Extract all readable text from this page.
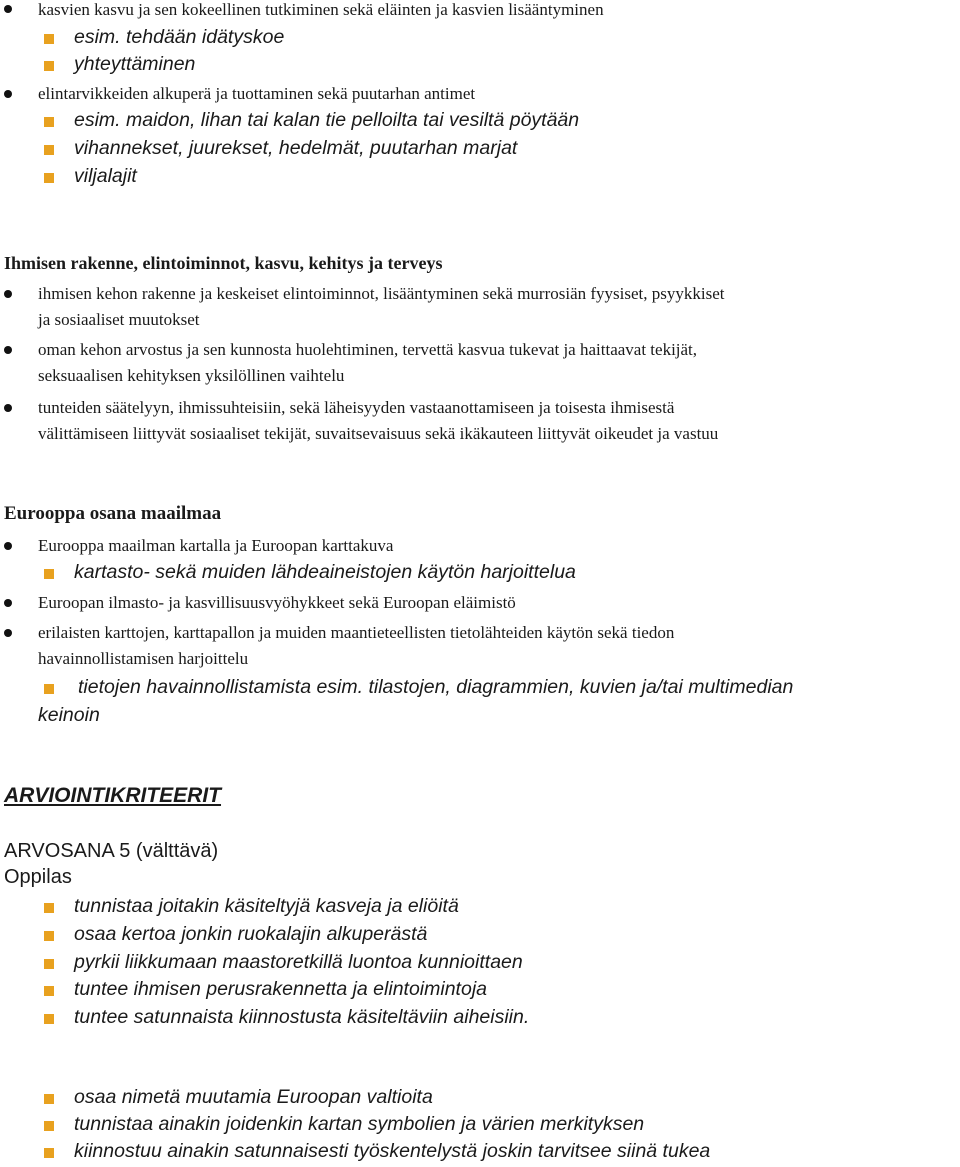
kasvien kasvu ja sen kokeellinen tutkiminen sekä eläinten ja kasvien lisääntyminen
esim. tehdään idätyskoe
yhteyttäminen
elintarvikkeiden alkuperä ja tuottaminen sekä puutarhan antimet
esim. maidon, lihan tai kalan tie pelloilta tai vesiltä pöytään
vihannekset, juurekset, hedelmät, puutarhan marjat
viljalajit
Ihmisen rakenne, elintoiminnot, kasvu, kehitys ja terveys
ihmisen kehon rakenne ja keskeiset elintoiminnot, lisääntyminen sekä murrosiän fyysiset, psyykkiset
ja sosiaaliset muutokset
oman kehon arvostus ja sen kunnosta huolehtiminen, tervettä kasvua tukevat ja haittaavat tekijät,
seksuaalisen kehityksen yksilöllinen vaihtelu
tunteiden säätelyyn, ihmissuhteisiin, sekä läheisyyden vastaanottamiseen ja toisesta ihmisestä
välittämiseen liittyvät sosiaaliset tekijät, suvaitsevaisuus sekä ikäkauteen liittyvät oikeudet ja vastuu
Eurooppa osana maailmaa
Eurooppa maailman kartalla ja Euroopan karttakuva
kartasto- sekä muiden lähdeaineistojen käytön harjoittelua
Euroopan ilmasto- ja kasvillisuusvyöhykkeet sekä Euroopan eläimistö
erilaisten karttojen, karttapallon ja muiden maantieteellisten tietolähteiden käytön sekä tiedon
havainnollistamisen harjoittelu
tietojen havainnollistamista esim. tilastojen, diagrammien, kuvien ja/tai multimedian
keinoin
ARVIOINTIKRITEERIT
ARVOSANA 5 (välttävä)
Oppilas
tunnistaa joitakin käsiteltyjä kasveja ja eliöitä
osaa kertoa jonkin ruokalajin alkuperästä
pyrkii liikkumaan maastoretkillä luontoa kunnioittaen
tuntee ihmisen perusrakennetta ja elintoimintoja
tuntee satunnaista kiinnostusta käsiteltäviin aiheisiin.
osaa nimetä muutamia Euroopan valtioita
tunnistaa ainakin joidenkin kartan symbolien ja värien merkityksen
kiinnostuu ainakin satunnaisesti työskentelystä joskin tarvitsee siinä tukea
